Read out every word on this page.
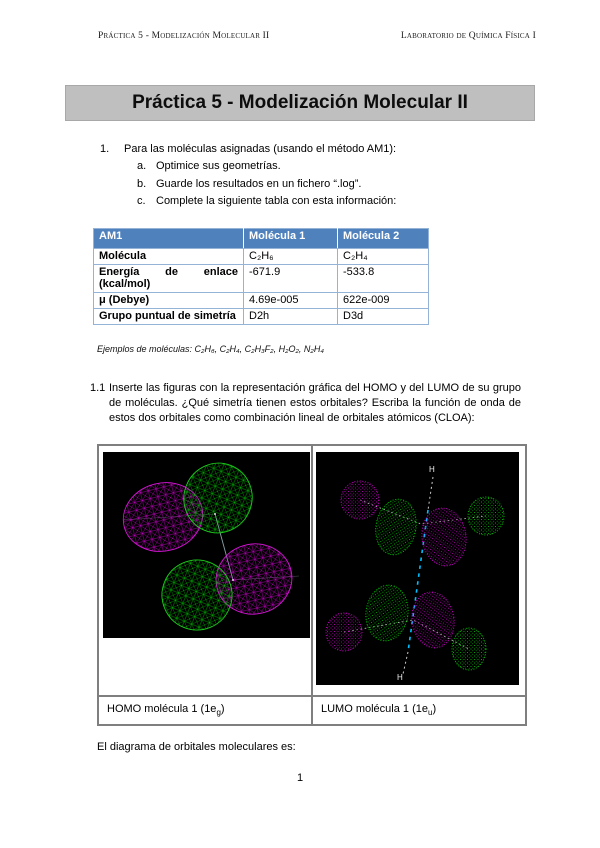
Práctica 5 - Modelización Molecular II	Laboratorio de Química Física I
Práctica 5 - Modelización Molecular II
1.	Para las moléculas asignadas (usando el método AM1):
a. Optimice sus geometrías.
b. Guarde los resultados en un fichero “.log”.
c. Complete la siguiente tabla con esta información:
AM1	Molécula 1	Molécula 2
Molécula	C₂H₆	C₂H₄

Energía de enlace
(kcal/mol)	-671.9	-533.8
μ (Debye)	4.69e-005	622e-009
Grupo puntual de simetría	D2h	D3d
Ejemplos de moléculas: C₂H₆, C₂H₄, C₂H₃F₂, H₂O₂, N₂H₄
1.1 Inserte las figuras con la representación gráfica del HOMO y del LUMO de su grupo de moléculas. ¿Qué simetría tienen estos orbitales? Escriba la función de onda de estos dos orbitales como combinación lineal de orbitales atómicos (CLOA):
H
H
HOMO molécula 1 $(1e_g)$	LUMO molécula 1 $(1e_u)$
El diagrama de orbitales moleculares es:
1
